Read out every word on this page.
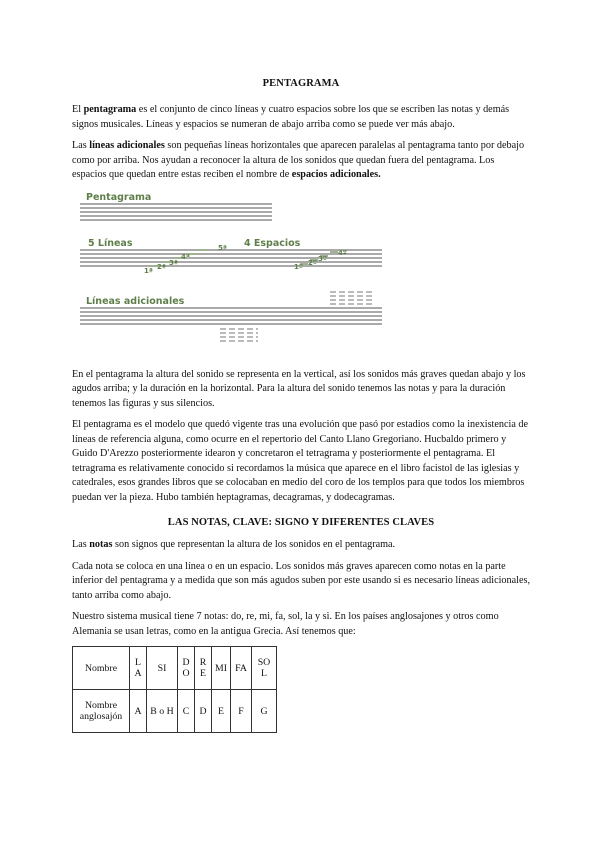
PENTAGRAMA

El pentagrama es el conjunto de cinco líneas y cuatro espacios sobre los que se escriben las notas y demás signos musicales. Líneas y espacios se numeran de abajo arriba como se puede ver más abajo.

Las líneas adicionales son pequeñas líneas horizontales que aparecen paralelas al pentagrama tanto por debajo como por arriba. Nos ayudan a reconocer la altura de los sonidos que quedan fuera del pentagrama. Los espacios que quedan entre estas reciben el nombre de espacios adicionales.

Pentagrama
5 Líneas	4 Espacios
Líneas adicionales
1ª 2ª 3ª
4ª
5ª
1º 2º 3º
4º

En el pentagrama la altura del sonido se representa en la vertical, así los sonidos más graves quedan abajo y los agudos arriba; y la duración en la horizontal. Para la altura del sonido tenemos las notas y para la duración tenemos las figuras y sus silencios.

El pentagrama es el modelo que quedó vigente tras una evolución que pasó por estadios como la inexistencia de líneas de referencia alguna, como ocurre en el repertorio del Canto Llano Gregoriano. Hucbaldo primero y Guido D'Arezzo posteriormente idearon y concretaron el tetragrama y posteriormente el pentagrama. El tetragrama es relativamente conocido si recordamos la música que aparece en el libro facistol de las iglesias y catedrales, esos grandes libros que se colocaban en medio del coro de los templos para que todos los miembros puedan ver la pieza. Hubo también heptagramas, decagramas, y dodecagramas.

LAS NOTAS, CLAVE: SIGNO Y DIFERENTES CLAVES

Las notas son signos que representan la altura de los sonidos en el pentagrama.

Cada nota se coloca en una línea o en un espacio. Los sonidos más graves aparecen como notas en la parte inferior del pentagrama y a medida que son más agudos suben por este usando si es necesario líneas adicionales, tanto arriba como abajo.

Nuestro sistema musical tiene 7 notas: do, re, mi, fa, sol, la y si. En los países anglosajones y otros como Alemania se usan letras, como en la antigua Grecia. Así tenemos que:

Nombre	L A	SI	D O	R E	MI	FA	SO L
Nombre anglosajón	A	B o H	C	D	E	F	G
